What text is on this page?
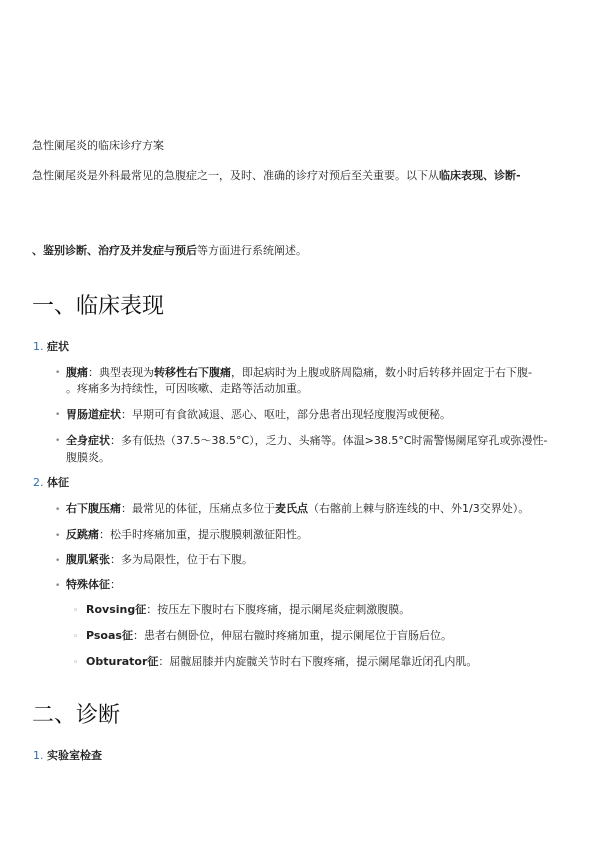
急性阑尾炎的临床诊疗方案
急性阑尾炎是外科最常见的急腹症之一，及时、准确的诊疗对预后至关重要。以下从临床表现、诊断-
、鉴别诊断、治疗及并发症与预后等方面进行系统阐述。
一、临床表现
1. 症状
• 腹痛：典型表现为转移性右下腹痛，即起病时为上腹或脐周隐痛，数小时后转移并固定于右下腹-
。疼痛多为持续性，可因咳嗽、走路等活动加重。
• 胃肠道症状：早期可有食欲减退、恶心、呕吐，部分患者出现轻度腹泻或便秘。
• 全身症状：多有低热（37.5～38.5°C），乏力、头痛等。体温>38.5°C时需警惕阑尾穿孔或弥漫性-
腹膜炎。
2. 体征
• 右下腹压痛：最常见的体征，压痛点多位于麦氏点（右髂前上棘与脐连线的中、外1/3交界处）。
• 反跳痛：松手时疼痛加重，提示腹膜刺激征阳性。
• 腹肌紧张：多为局限性，位于右下腹。
• 特殊体征：
◦ Rovsing征：按压左下腹时右下腹疼痛，提示阑尾炎症刺激腹膜。
◦ Psoas征：患者右侧卧位，伸屈右髋时疼痛加重，提示阑尾位于盲肠后位。
◦ Obturator征：屈髋屈膝并内旋髋关节时右下腹疼痛，提示阑尾靠近闭孔内肌。
二、诊断
1. 实验室检查
